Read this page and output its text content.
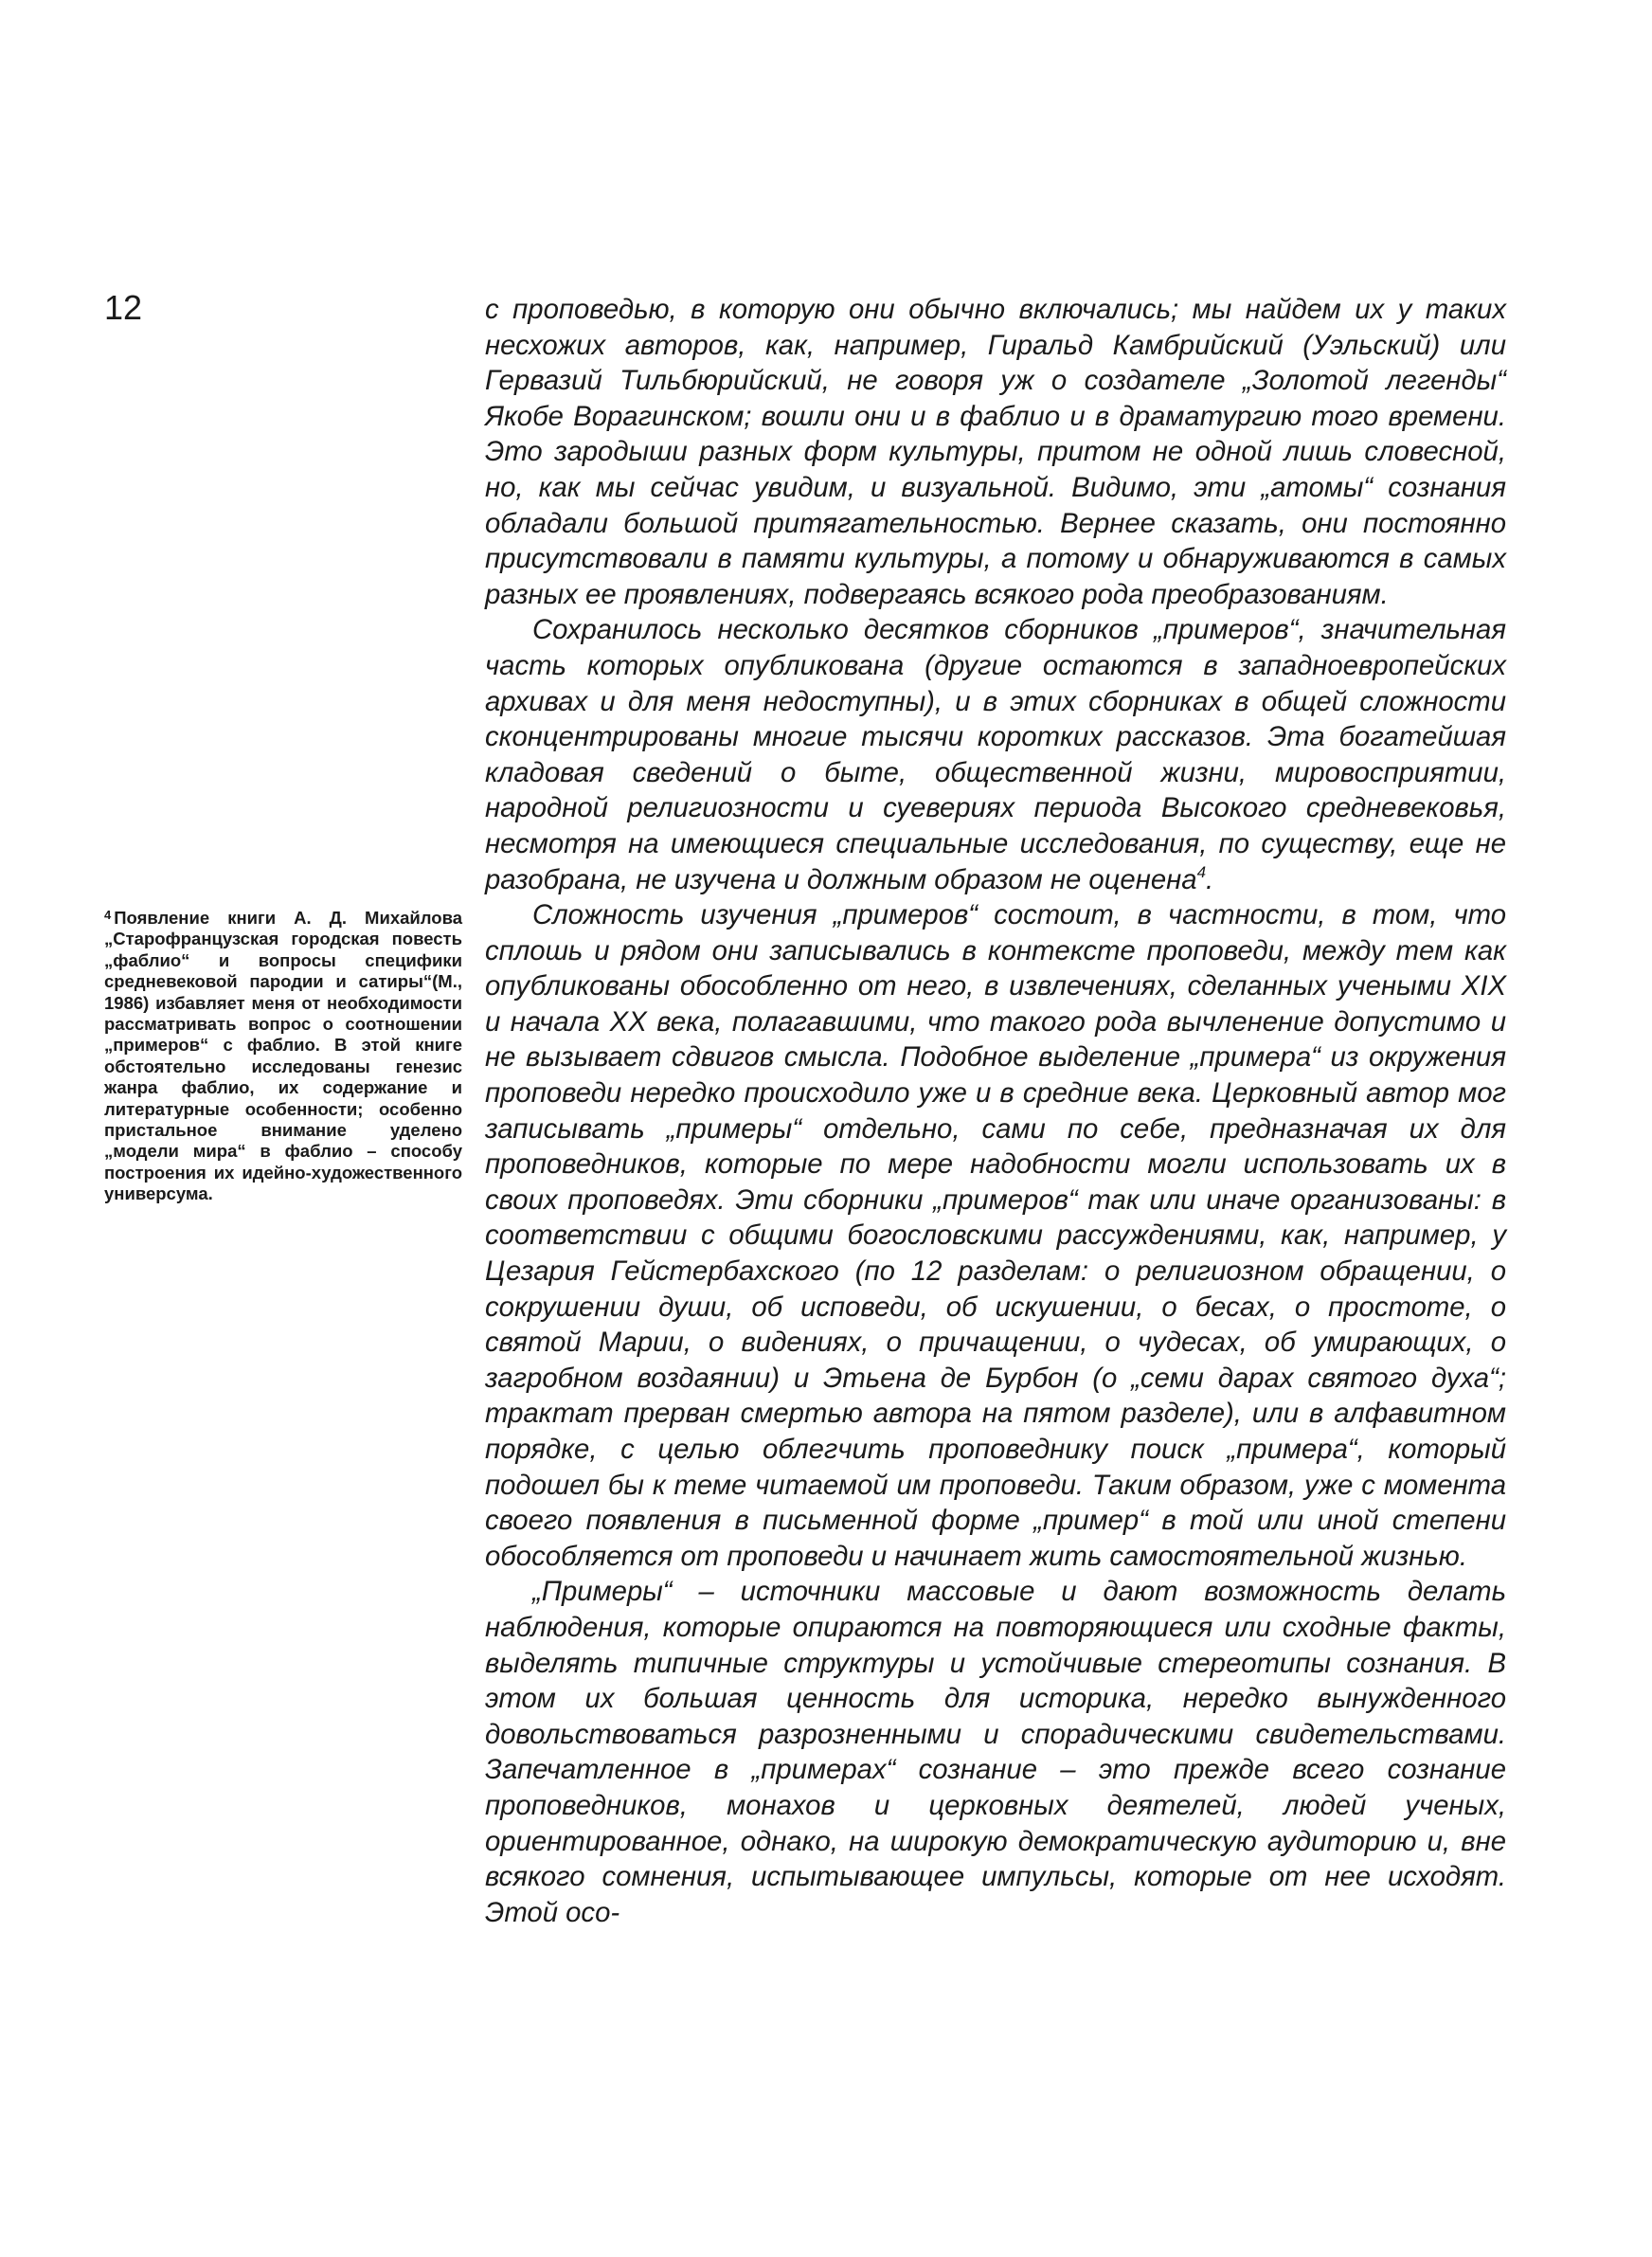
12
$^4$ Появление книги А. Д. Михайлова „Старофранцузская городская повесть „фаблио“ и вопросы специфики средневековой пародии и сатиры“(М., 1986) избавляет меня от необходимости рассматривать вопрос о соотношении „примеров“ с фаблио. В этой книге обстоятельно исследованы генезис жанра фаблио, их содержание и литературные особенности; особенно пристальное внимание уделено „модели мира“ в фаблио – способу построения их идейно-художественного универсума.

с проповедью, в которую они обычно включались; мы найдем их у таких несхожих авторов, как, например, Гиральд Камбрийский (Уэльский) или Гервазий Тильбюрийский, не говоря уж о создателе „Золотой легенды“ Якобе Ворагинском; вошли они и в фаблио и в драматургию того времени. Это зародыши разных форм культуры, притом не одной лишь словесной, но, как мы сейчас увидим, и визуальной. Видимо, эти „атомы“ сознания обладали большой притягательностью. Вернее сказать, они постоянно присутствовали в памяти культуры, а потому и обнаруживаются в самых разных ее проявлениях, подвергаясь всякого рода преобразованиям.

Сохранилось несколько десятков сборников „примеров“, значительная часть которых опубликована (другие остаются в западноевропейских архивах и для меня недоступны), и в этих сборниках в общей сложности сконцентрированы многие тысячи коротких рассказов. Эта богатейшая кладовая сведений о быте, общественной жизни, мировосприятии, народной религиозности и суевериях периода Высокого средневековья, несмотря на имеющиеся специальные исследования, по существу, еще не разобрана, не изучена и должным образом не оценена$^4$.

Сложность изучения „примеров“ состоит, в частности, в том, что сплошь и рядом они записывались в контексте проповеди, между тем как опубликованы обособленно от него, в извлечениях, сделанных учеными XIX и начала XX века, полагавшими, что такого рода вычленение допустимо и не вызывает сдвигов смысла. Подобное выделение „примера“ из окружения проповеди нередко происходило уже и в средние века. Церковный автор мог записывать „примеры“ отдельно, сами по себе, предназначая их для проповедников, которые по мере надобности могли использовать их в своих проповедях. Эти сборники „примеров“ так или иначе организованы: в соответствии с общими богословскими рассуждениями, как, например, у Цезария Гейстербахского (по 12 разделам: о религиозном обращении, о сокрушении души, об исповеди, об искушении, о бесах, о простоте, о святой Марии, о видениях, о причащении, о чудесах, об умирающих, о загробном воздаянии) и Этьена де Бурбон (о „семи дарах святого духа“; трактат прерван смертью автора на пятом разделе), или в алфавитном порядке, с целью облегчить проповеднику поиск „примера“, который подошел бы к теме читаемой им проповеди. Таким образом, уже с момента своего появления в письменной форме „пример“ в той или иной степени обособляется от проповеди и начинает жить самостоятельной жизнью.

„Примеры“ – источники массовые и дают возможность делать наблюдения, которые опираются на повторяющиеся или сходные факты, выделять типичные структуры и устойчивые стереотипы сознания. В этом их большая ценность для историка, нередко вынужденного довольствоваться разрозненными и спорадическими свидетельствами. Запечатленное в „примерах“ сознание – это прежде всего сознание проповедников, монахов и церковных деятелей, людей ученых, ориентированное, однако, на широкую демократическую аудиторию и, вне всякого сомнения, испытывающее импульсы, которые от нее исходят. Этой осо-
